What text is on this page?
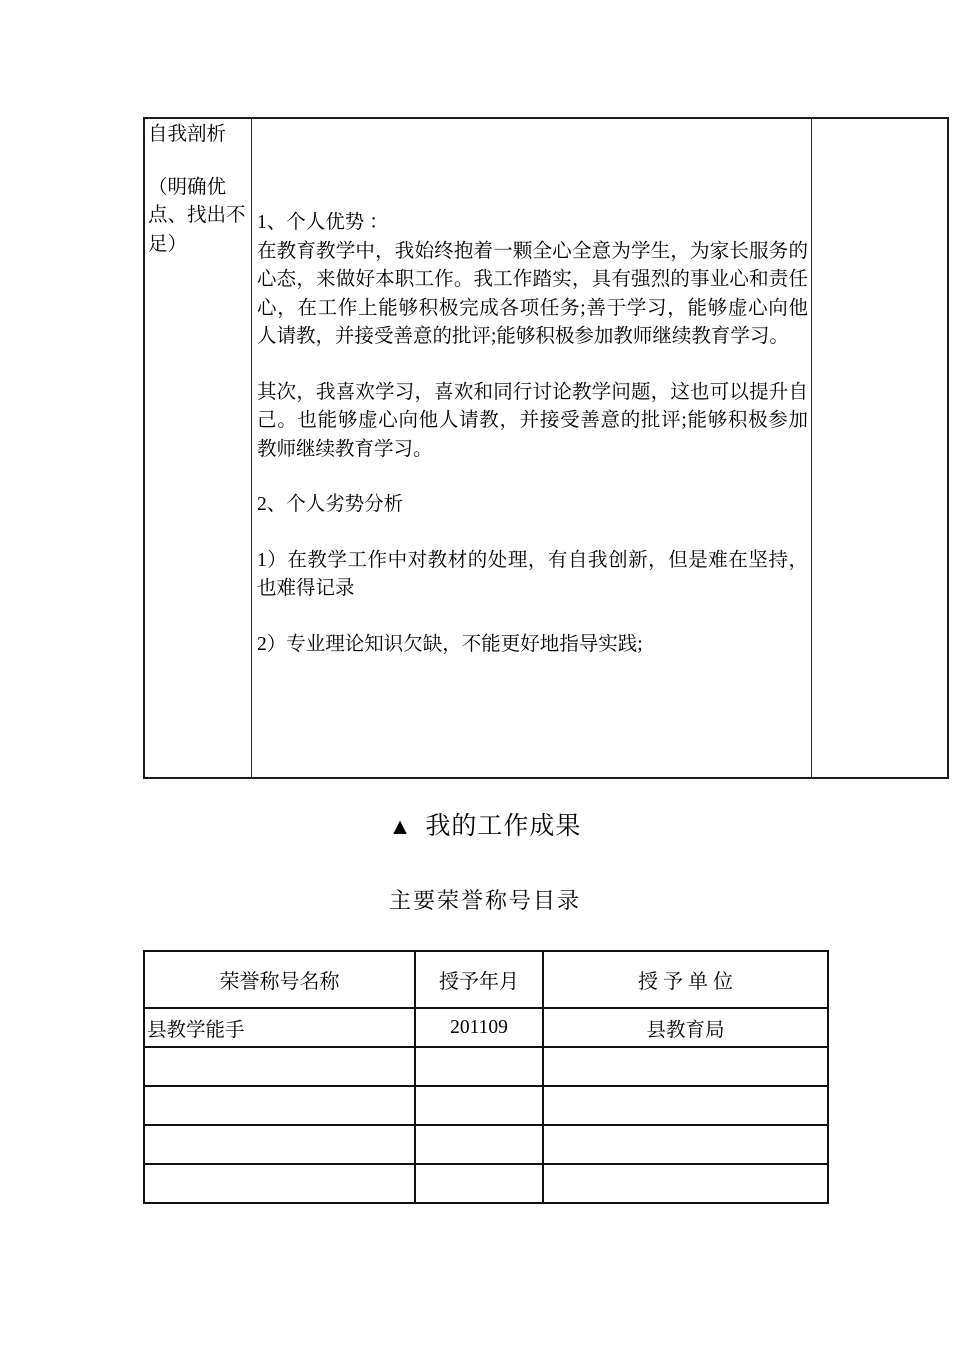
自我剖析
（明确优点、找出不足）

1、个人优势 ：
在教育教学中，我始终抱着一颗全心全意为学生，为家长服务的心态，来做好本职工作。我工作踏实，具有强烈的事业心和责任心，在工作上能够积极完成各项任务;善于学习，能够虚心向他人请教，并接受善意的批评;能够积极参加教师继续教育学习。
其次，我喜欢学习，喜欢和同行讨论教学问题，这也可以提升自己。也能够虚心向他人请教，并接受善意的批评;能够积极参加教师继续教育学习。
2、个人劣势分析
1）在教学工作中对教材的处理，有自我创新，但是难在坚持，也难得记录
2）专业理论知识欠缺，不能更好地指导实践;

▲ 我的工作成果
主要荣誉称号目录
荣誉称号名称	授予年月	授 予 单 位
县教学能手	201109	县教育局
